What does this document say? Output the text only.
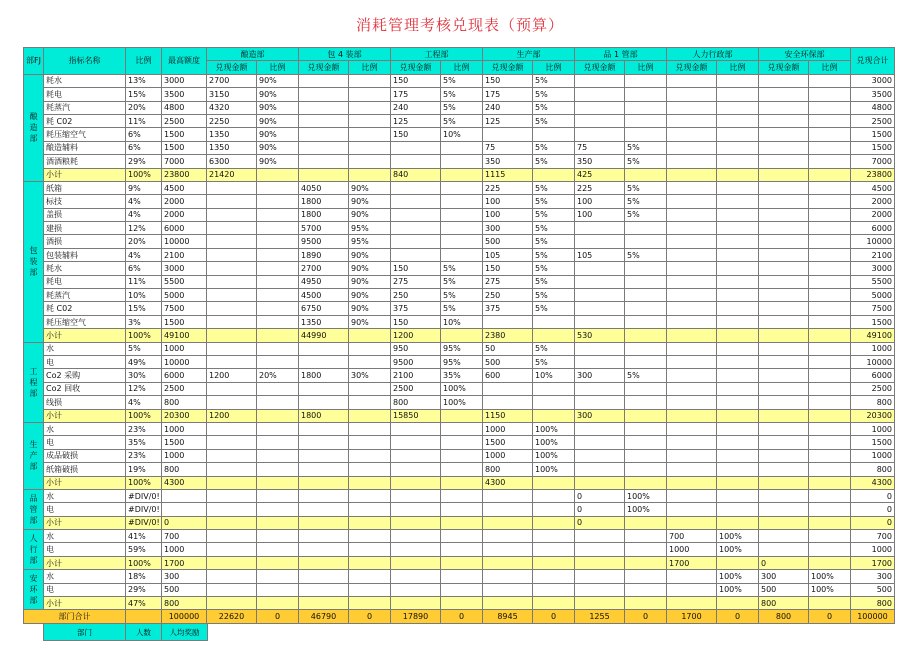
消耗管理考核兑现表（预算）
部FJ	指标名称	比例	最高额度	酿造部		包 4 装部		工程部		生产部		品 1 管部		人力行政部		安全环保部		兑现合计
				兑现金额	比例	兑现金额	比例	兑现金额	比例	兑现金额	比例	兑现金额	比例	兑现金额	比例	兑现金额	比例	
酿造部	耗水	13%	3000	2700	90%			150	5%	150	5%							3000
	耗电	15%	3500	3150	90%			175	5%	175	5%							3500
	耗蒸汽	20%	4800	4320	90%			240	5%	240	5%							4800
	耗 C02	11%	2500	2250	90%			125	5%	125	5%							2500
	耗压缩空气	6%	1500	1350	90%			150	10%									1500
	酿造辅料	6%	1500	1350	90%					75	5%	75	5%					1500
	酒酒粮耗	29%	7000	6300	90%					350	5%	350	5%					7000
	小计	100%	23800	21420				840		1115		425						23800
包装部	纸箱	9%	4500			4050	90%			225	5%	225	5%					4500
	标技	4%	2000			1800	90%			100	5%	100	5%					2000
	盖损	4%	2000			1800	90%			100	5%	100	5%					2000
	建损	12%	6000			5700	95%			300	5%							6000
	酒损	20%	10000			9500	95%			500	5%							10000
	包装辅料	4%	2100			1890	90%			105	5%	105	5%					2100
	耗水	6%	3000			2700	90%	150	5%	150	5%							3000
	耗电	11%	5500			4950	90%	275	5%	275	5%							5500
	耗蒸汽	10%	5000			4500	90%	250	5%	250	5%							5000
	耗 C02	15%	7500			6750	90%	375	5%	375	5%							7500
	耗压缩空气	3%	1500			1350	90%	150	10%									1500
	小计	100%	49100			44990		1200		2380		530						49100
工程部	水	5%	1000					950	95%	50	5%							1000
	电	49%	10000					9500	95%	500	5%							10000
	Co2 采购	30%	6000	1200	20%	1800	30%	2100	35%	600	10%	300	5%					6000
	Co2 回收	12%	2500					2500	100%									2500
	线损	4%	800					800	100%									800
	小计	100%	20300	1200		1800		15850		1150		300						20300
生产部	水	23%	1000							1000	100%							1000
	电	35%	1500							1500	100%							1500
	成品破损	23%	1000							1000	100%							1000
	纸箱破损	19%	800							800	100%							800
	小计	100%	4300							4300								4300
品管部	水	#DIV/0!										0	100%					0
	电	#DIV/0!										0	100%					0
	小计	#DIV/0!	0									0						0
人行部	水	41%	700											700	100%			700
	电	59%	1000											1000	100%			1000
	小计	100%	1700											1700		0		1700
安环部	水	18%	300												100%	300	100%	300
	电	29%	500												100%	500	100%	500
	小计	47%	800													800		800
部门合计			100000	22620	0	46790	0	17890	0	8945	0	1255	0	1700	0	800	0	100000
部门	人数	人均奖励
